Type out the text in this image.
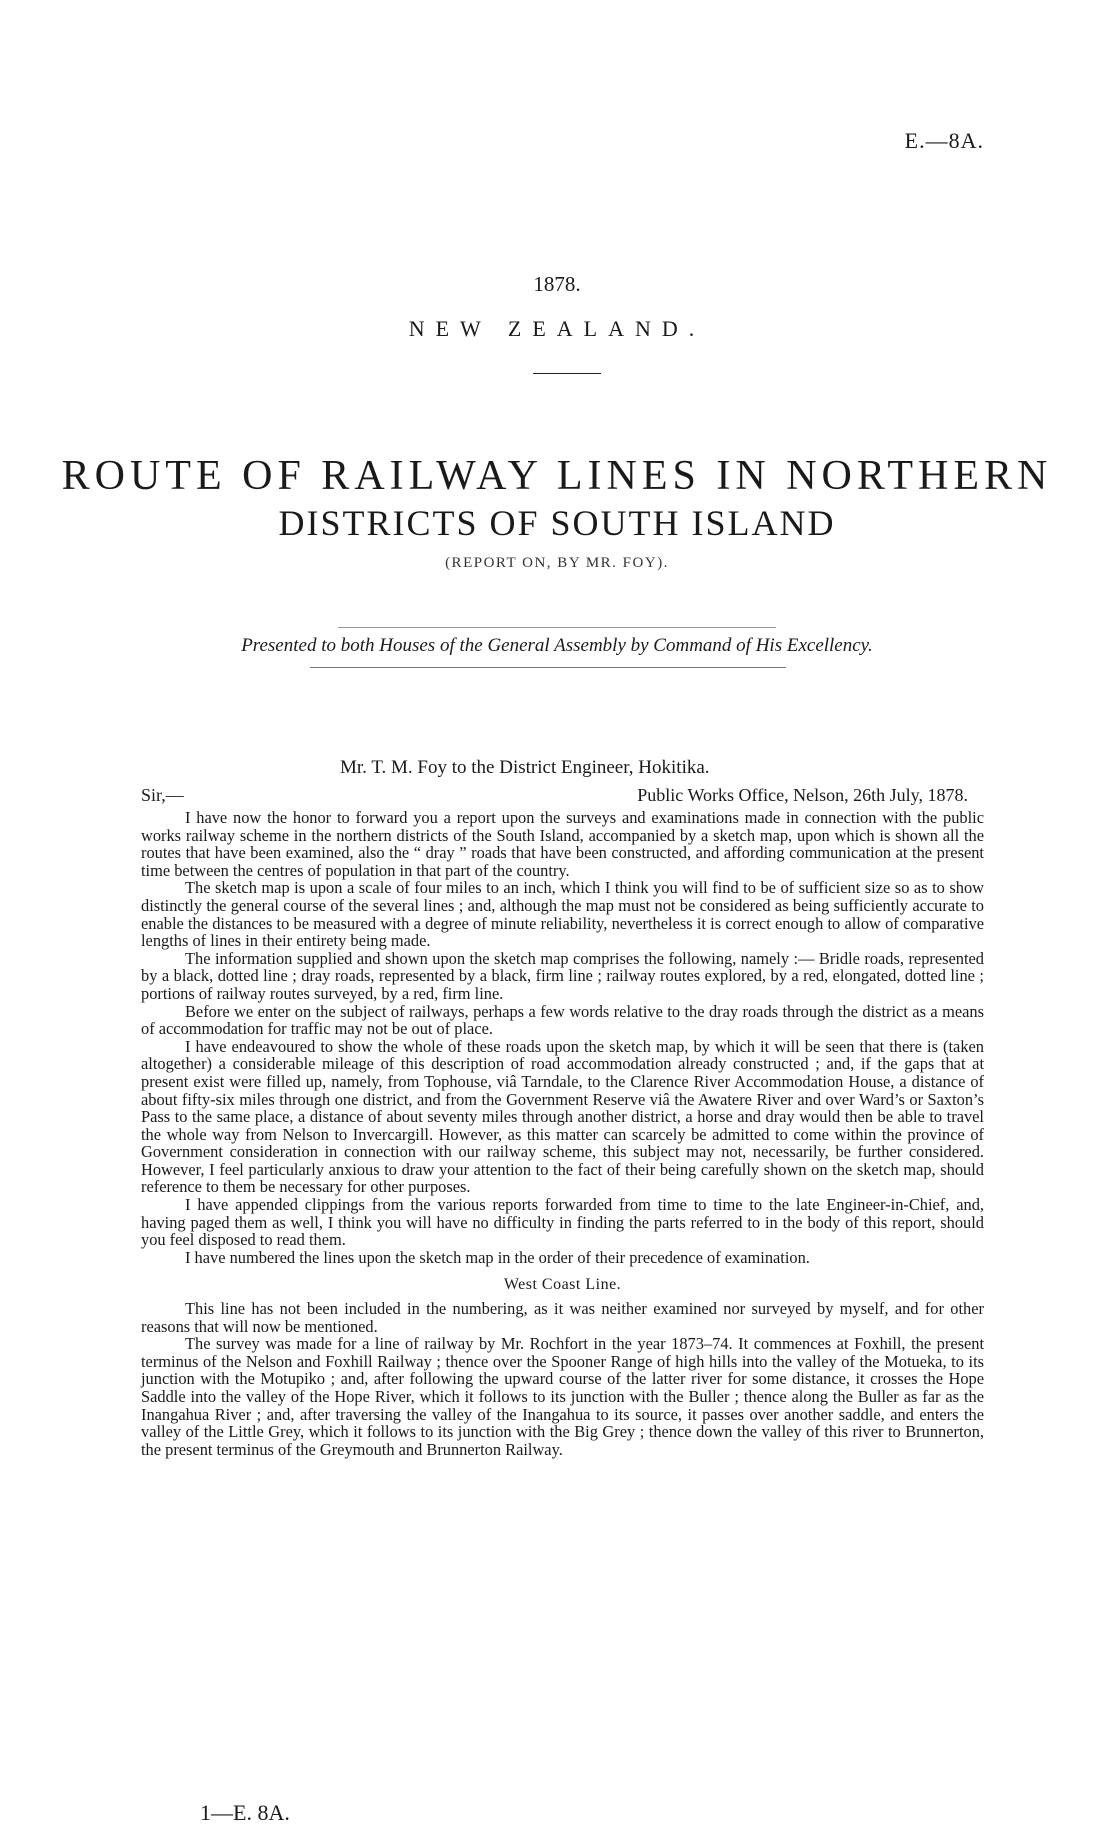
E.—8A.
1878.
NEW ZEALAND.
ROUTE OF RAILWAY LINES IN NORTHERN
DISTRICTS OF SOUTH ISLAND
(REPORT ON, BY MR. FOY).
Presented to both Houses of the General Assembly by Command of His Excellency.
Mr. T. M. Foy to the District Engineer, Hokitika.
Sir,—	Public Works Office, Nelson, 26th July, 1878.

I have now the honor to forward you a report upon the surveys and examinations made in connection with the public works railway scheme in the northern districts of the South Island, accompanied by a sketch map, upon which is shown all the routes that have been examined, also the “ dray ” roads that have been constructed, and affording communication at the present time between the centres of population in that part of the country.

The sketch map is upon a scale of four miles to an inch, which I think you will find to be of sufficient size so as to show distinctly the general course of the several lines ; and, although the map must not be considered as being sufficiently accurate to enable the distances to be measured with a degree of minute reliability, nevertheless it is correct enough to allow of comparative lengths of lines in their entirety being made.

The information supplied and shown upon the sketch map comprises the following, namely :— Bridle roads, represented by a black, dotted line ; dray roads, represented by a black, firm line ; railway routes explored, by a red, elongated, dotted line ; portions of railway routes surveyed, by a red, firm line.

Before we enter on the subject of railways, perhaps a few words relative to the dray roads through the district as a means of accommodation for traffic may not be out of place.

I have endeavoured to show the whole of these roads upon the sketch map, by which it will be seen that there is (taken altogether) a considerable mileage of this description of road accommodation already constructed ; and, if the gaps that at present exist were filled up, namely, from Tophouse, viâ Tarndale, to the Clarence River Accommodation House, a distance of about fifty-six miles through one district, and from the Government Reserve viâ the Awatere River and over Ward’s or Saxton’s Pass to the same place, a distance of about seventy miles through another district, a horse and dray would then be able to travel the whole way from Nelson to Invercargill. However, as this matter can scarcely be admitted to come within the province of Government consideration in connection with our railway scheme, this subject may not, necessarily, be further considered. However, I feel particularly anxious to draw your attention to the fact of their being carefully shown on the sketch map, should reference to them be necessary for other purposes.

I have appended clippings from the various reports forwarded from time to time to the late Engineer-in-Chief, and, having paged them as well, I think you will have no difficulty in finding the parts referred to in the body of this report, should you feel disposed to read them.

I have numbered the lines upon the sketch map in the order of their precedence of examination.

West Coast Line.

This line has not been included in the numbering, as it was neither examined nor surveyed by myself, and for other reasons that will now be mentioned.

The survey was made for a line of railway by Mr. Rochfort in the year 1873–74. It commences at Foxhill, the present terminus of the Nelson and Foxhill Railway ; thence over the Spooner Range of high hills into the valley of the Motueka, to its junction with the Motupiko ; and, after following the upward course of the latter river for some distance, it crosses the Hope Saddle into the valley of the Hope River, which it follows to its junction with the Buller ; thence along the Buller as far as the Inangahua River ; and, after traversing the valley of the Inangahua to its source, it passes over another saddle, and enters the valley of the Little Grey, which it follows to its junction with the Big Grey ; thence down the valley of this river to Brunnerton, the present terminus of the Greymouth and Brunnerton Railway.

1—E. 8A.
